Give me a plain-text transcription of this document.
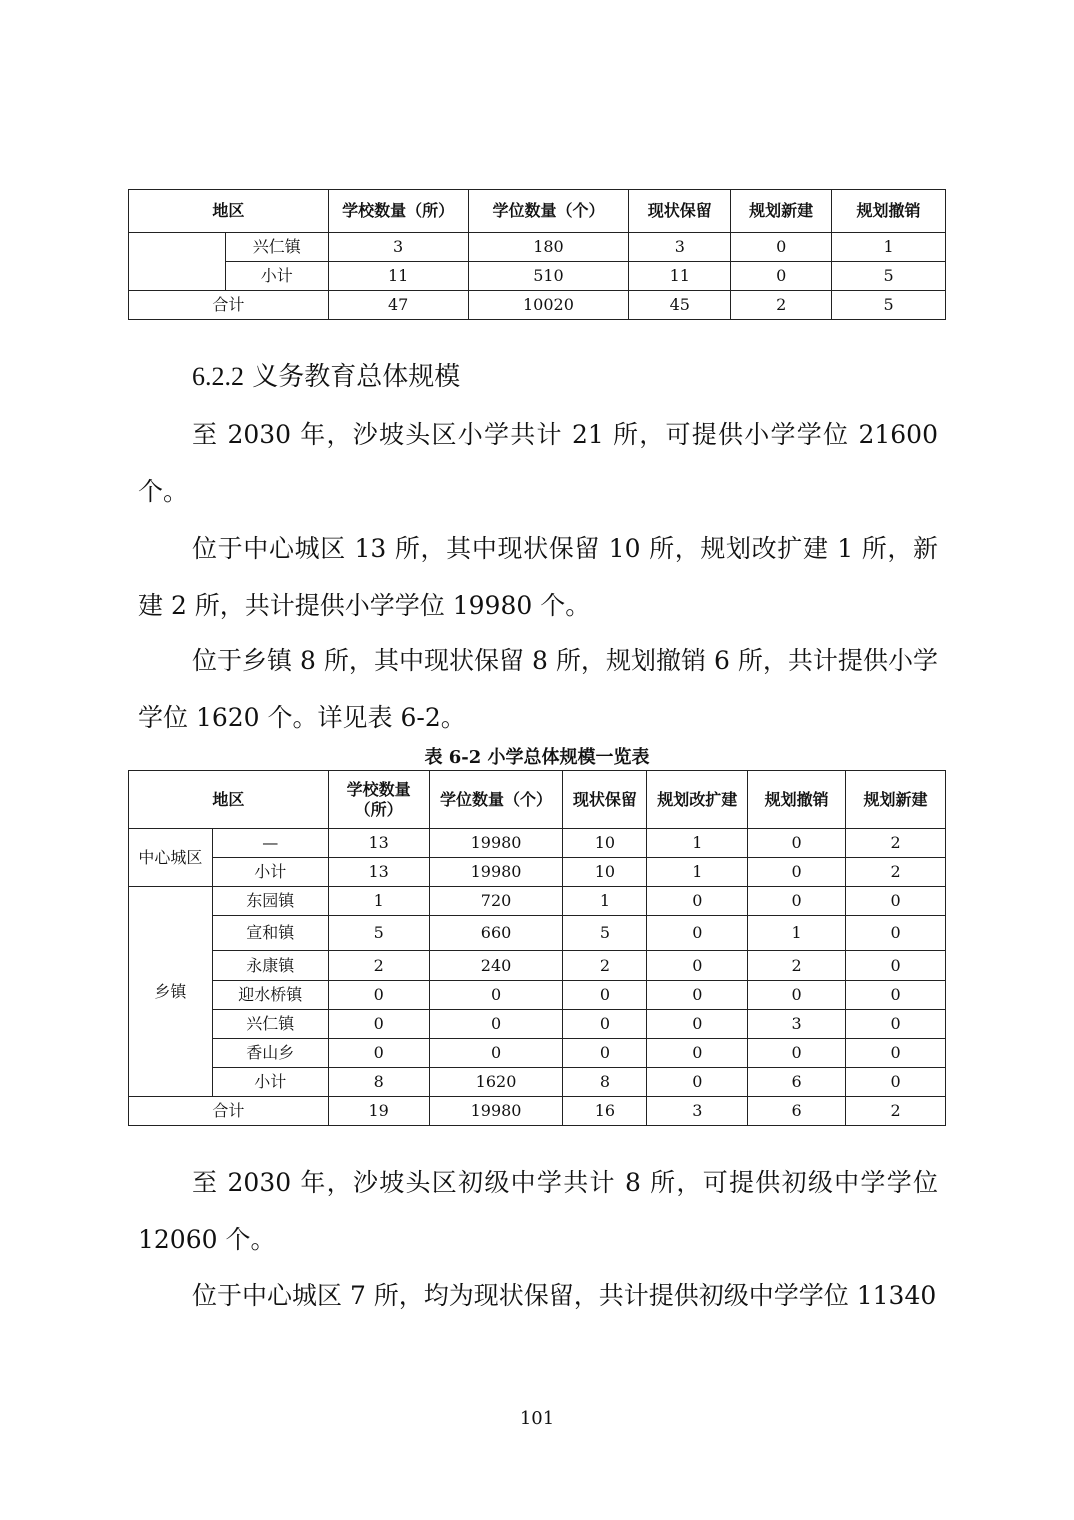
地区		学校数量（所）	学位数量（个）	现状保留	规划新建	规划撤销
	兴仁镇	3	180	3	0	1
	小计	11	510	11	0	5
合计		47	10020	45	2	5
6.2.2 义务教育总体规模

至 2030 年，沙坡头区小学共计 21 所，可提供小学学位 21600 个。

位于中心城区 13 所，其中现状保留 10 所，规划改扩建 1 所，新建 2 所，共计提供小学学位 19980 个。

位于乡镇 8 所，其中现状保留 8 所，规划撤销 6 所，共计提供小学学位 1620 个。详见表 6-2。

表 6-2 小学总体规模一览表

地区		学校数量（所）	学位数量（个）	现状保留	规划改扩建	规划撤销	规划新建
中心城区	—	13	19980	10	1	0	2
	小计	13	19980	10	1	0	2
乡镇	东园镇	1	720	1	0	0	0
	宣和镇	5	660	5	0	1	0
	永康镇	2	240	2	0	2	0
	迎水桥镇	0	0	0	0	0	0
	兴仁镇	0	0	0	0	3	0
	香山乡	0	0	0	0	0	0
	小计	8	1620	8	0	6	0
合计		19	19980	16	3	6	2

至 2030 年，沙坡头区初级中学共计 8 所，可提供初级中学学位 12060 个。

位于中心城区 7 所，均为现状保留，共计提供初级中学学位 11340

101
